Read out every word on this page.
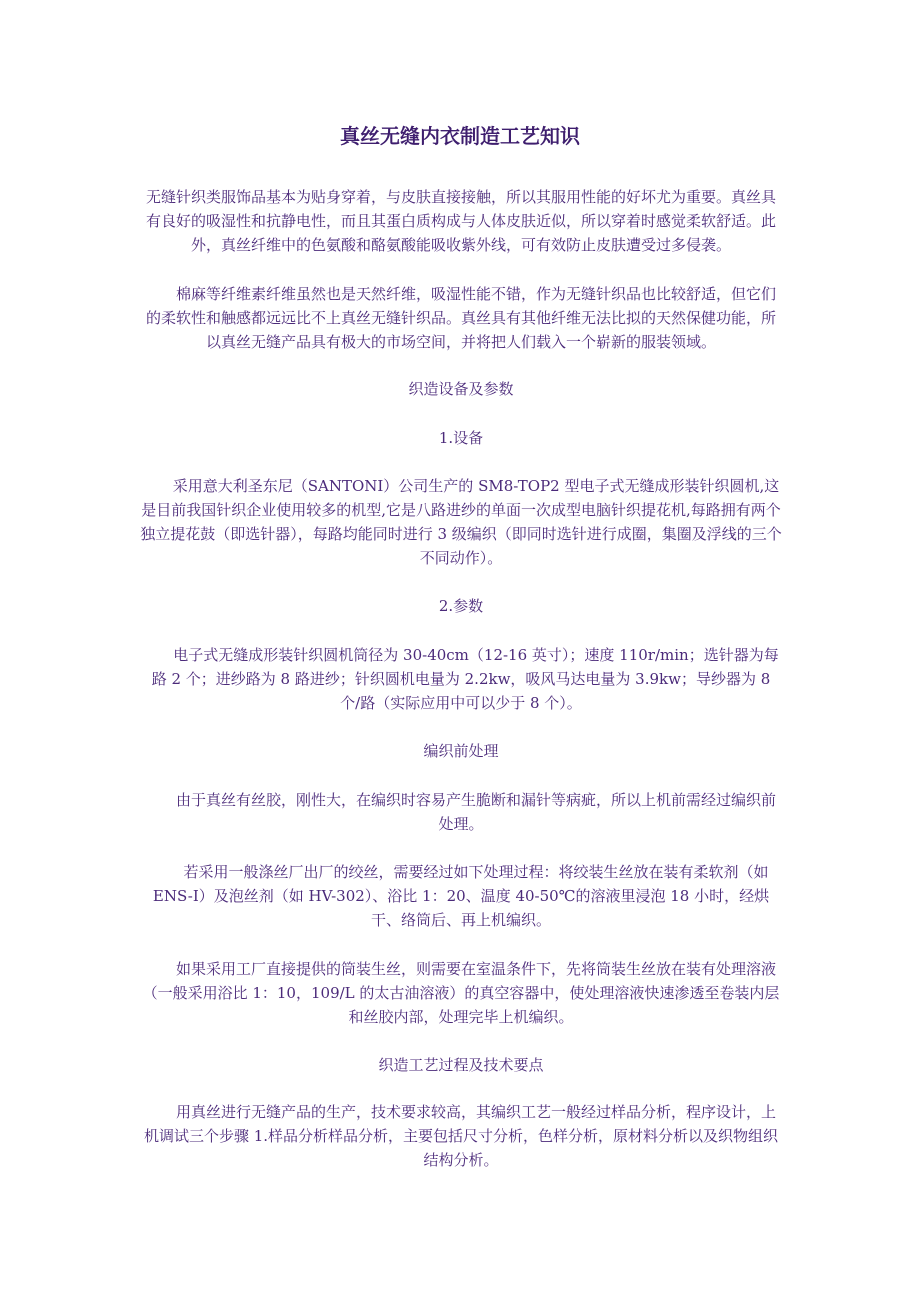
真丝无缝内衣制造工艺知识

无缝针织类服饰品基本为贴身穿着，与皮肤直接接触，所以其服用性能的好坏尤为重要。真丝具有良好的吸湿性和抗静电性，而且其蛋白质构成与人体皮肤近似，所以穿着时感觉柔软舒适。此外，真丝纤维中的色氨酸和酪氨酸能吸收紫外线，可有效防止皮肤遭受过多侵袭。

　　棉麻等纤维素纤维虽然也是天然纤维，吸湿性能不错，作为无缝针织品也比较舒适，但它们的柔软性和触感都远远比不上真丝无缝针织品。真丝具有其他纤维无法比拟的天然保健功能，所以真丝无缝产品具有极大的市场空间，并将把人们载入一个崭新的服装领域。

织造设备及参数

1.设备

　　采用意大利圣东尼（SANTONI）公司生产的 SM8-TOP2 型电子式无缝成形装针织圆机,这是目前我国针织企业使用较多的机型,它是八路进纱的单面一次成型电脑针织提花机,每路拥有两个独立提花鼓（即选针器），每路均能同时进行 3 级编织（即同时选针进行成圈，集圈及浮线的三个不同动作）。

2.参数

　　电子式无缝成形装针织圆机筒径为 30-40cm（12-16 英寸）；速度 110r/min；选针器为每路 2 个；进纱路为 8 路进纱；针织圆机电量为 2.2kw，吸风马达电量为 3.9kw；导纱器为 8 个/路（实际应用中可以少于 8 个）。

编织前处理

　　由于真丝有丝胶，刚性大，在编织时容易产生脆断和漏针等病疵，所以上机前需经过编织前处理。

　　若采用一般涤丝厂出厂的绞丝，需要经过如下处理过程：将绞装生丝放在装有柔软剂（如 ENS-I）及泡丝剂（如 HV-302）、浴比 1：20、温度 40-50℃的溶液里浸泡 18 小时，经烘干、络筒后、再上机编织。

　　如果采用工厂直接提供的筒装生丝，则需要在室温条件下，先将筒装生丝放在装有处理溶液（一般采用浴比 1：10，109/L 的太古油溶液）的真空容器中，使处理溶液快速渗透至卷装内层和丝胶内部，处理完毕上机编织。

织造工艺过程及技术要点

　　用真丝进行无缝产品的生产，技术要求较高，其编织工艺一般经过样品分析，程序设计，上机调试三个步骤 1.样品分析样品分析，主要包括尺寸分析，色样分析，原材料分析以及织物组织结构分析。
